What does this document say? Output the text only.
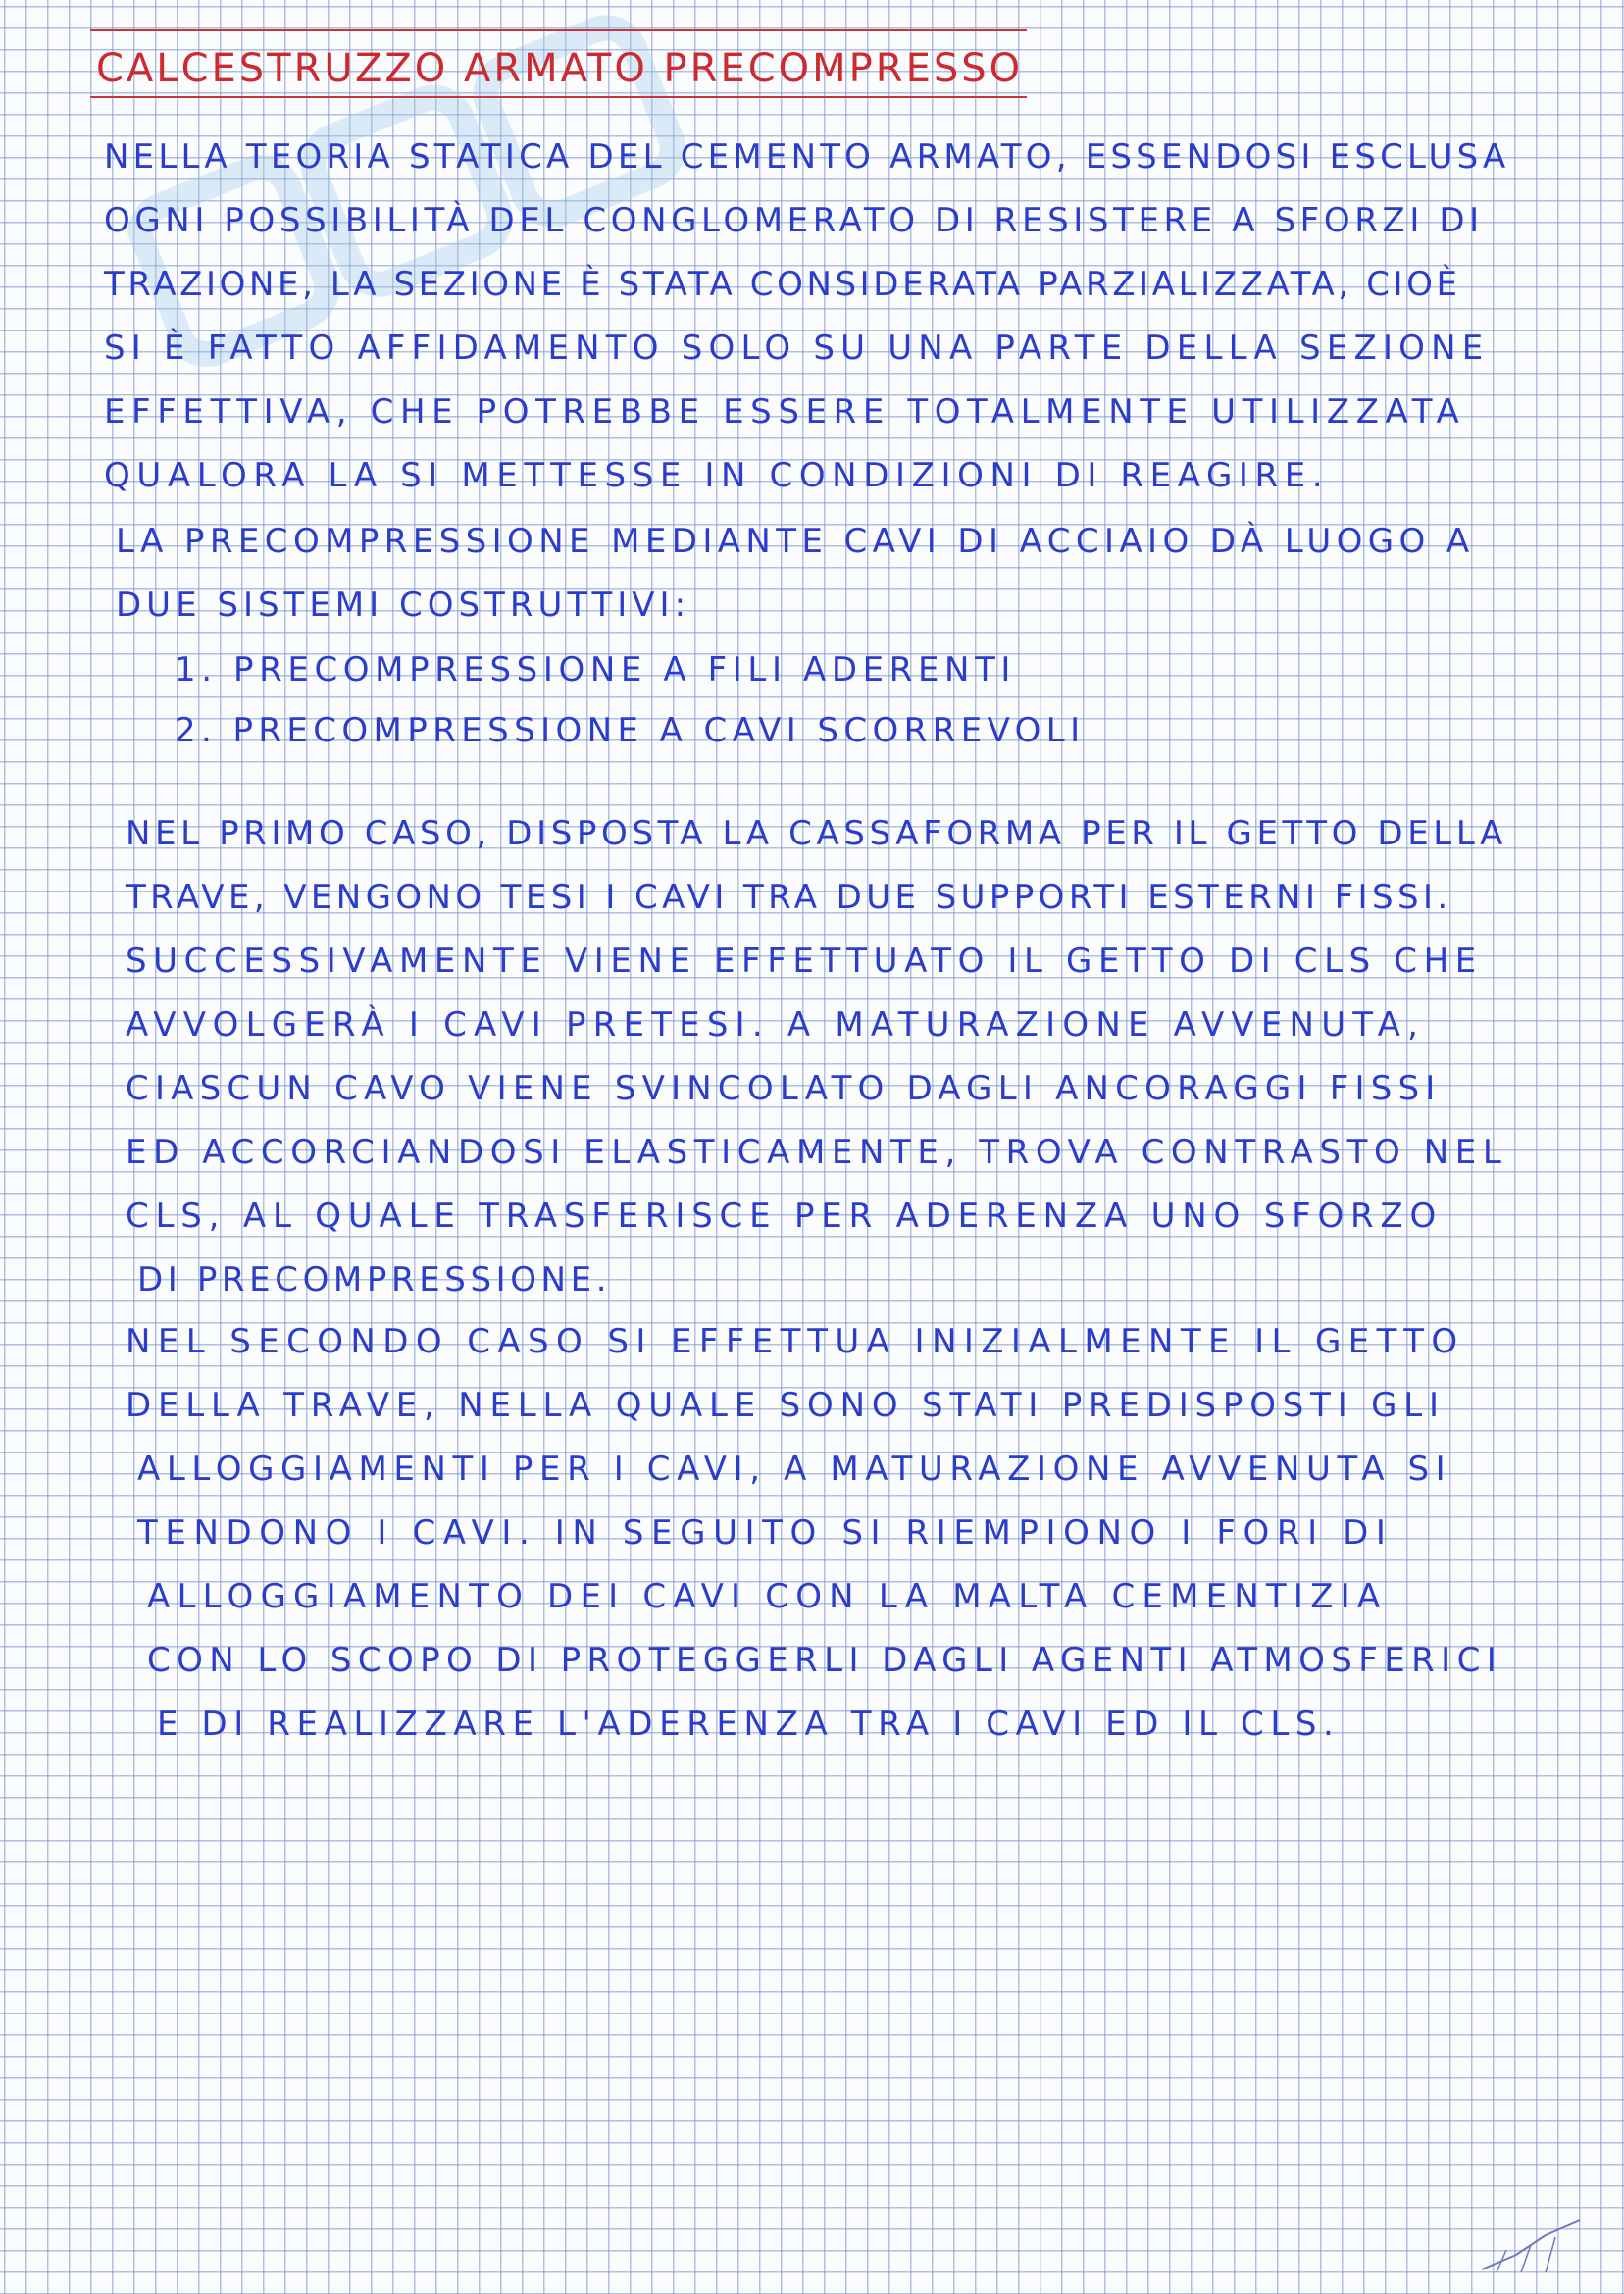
CALCESTRUZZO ARMATO PRECOMPRESSO
NELLA TEORIA STATICA DEL CEMENTO ARMATO, ESSENDOSI ESCLUSA
OGNI POSSIBILITÀ DEL CONGLOMERATO DI RESISTERE A SFORZI DI
TRAZIONE, LA SEZIONE È STATA CONSIDERATA PARZIALIZZATA, CIOÈ
SI È FATTO AFFIDAMENTO SOLO SU UNA PARTE DELLA SEZIONE
EFFETTIVA, CHE POTREBBE ESSERE TOTALMENTE UTILIZZATA
QUALORA LA SI METTESSE IN CONDIZIONI DI REAGIRE.
LA PRECOMPRESSIONE MEDIANTE CAVI DI ACCIAIO DÀ LUOGO A
DUE SISTEMI COSTRUTTIVI:
1. PRECOMPRESSIONE A FILI ADERENTI
2. PRECOMPRESSIONE A CAVI SCORREVOLI
NEL PRIMO CASO, DISPOSTA LA CASSAFORMA PER IL GETTO DELLA
TRAVE, VENGONO TESI I CAVI TRA DUE SUPPORTI ESTERNI FISSI.
SUCCESSIVAMENTE VIENE EFFETTUATO IL GETTO DI CLS CHE
AVVOLGERÀ I CAVI PRETESI. A MATURAZIONE AVVENUTA,
CIASCUN CAVO VIENE SVINCOLATO DAGLI ANCORAGGI FISSI
ED ACCORCIANDOSI ELASTICAMENTE, TROVA CONTRASTO NEL
CLS, AL QUALE TRASFERISCE PER ADERENZA UNO SFORZO
DI PRECOMPRESSIONE.
NEL SECONDO CASO SI EFFETTUA INIZIALMENTE IL GETTO
DELLA TRAVE, NELLA QUALE SONO STATI PREDISPOSTI GLI
ALLOGGIAMENTI PER I CAVI, A MATURAZIONE AVVENUTA SI
TENDONO I CAVI. IN SEGUITO SI RIEMPIONO I FORI DI
ALLOGGIAMENTO DEI CAVI CON LA MALTA CEMENTIZIA
CON LO SCOPO DI PROTEGGERLI DAGLI AGENTI ATMOSFERICI
E DI REALIZZARE L'ADERENZA TRA I CAVI ED IL CLS.
